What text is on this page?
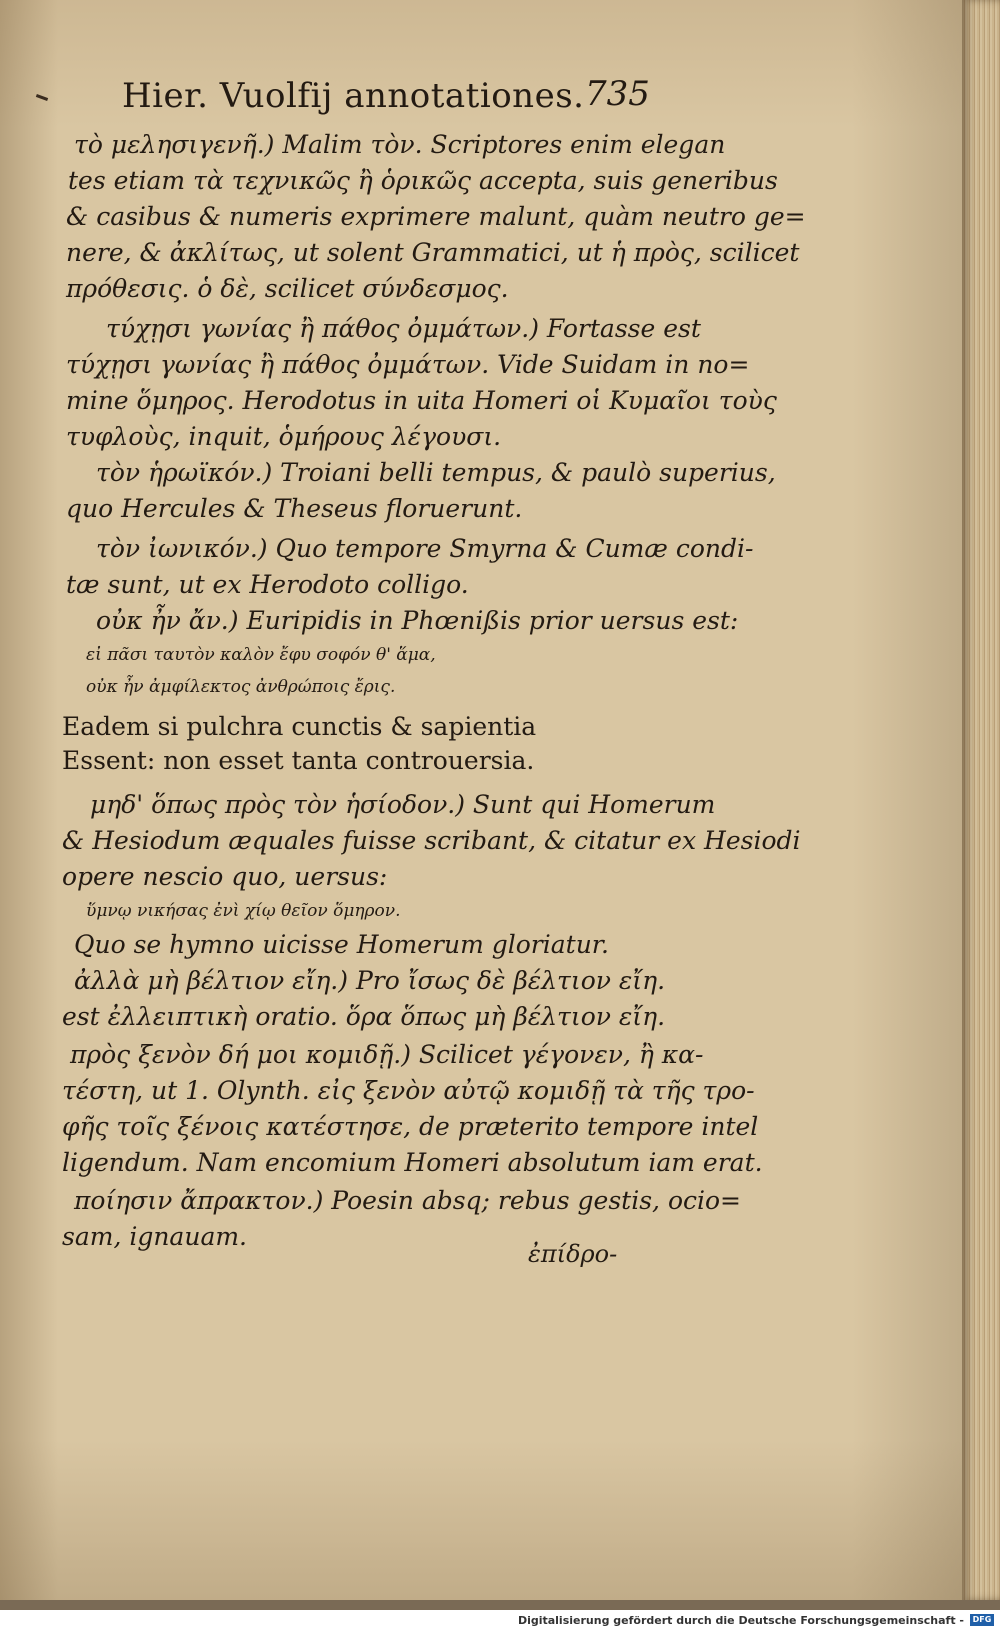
Hier. Vuolfij annotationes. 735
τὸ μελησιγενῆ.) Malim τὸν. Scriptores enim elegan
tes etiam τὰ τεχνικῶς ἢ ὁρικῶς accepta, suis generibus
& casibus & numeris exprimere malunt, quàm neutro ge=
nere, & ἀκλίτως, ut solent Grammatici, ut ἡ πρὸς, scilicet
πρόθεσις. ὁ δὲ, scilicet σύνδεσμος.
τύχῃσι γωνίας ἢ πάθος ὀμμάτων.) Fortasse est
τύχῃσι γωνίας ἢ πάθος ὀμμάτων. Vide Suidam in no=
mine ὅμηρος. Herodotus in uita Homeri οἱ Κυμαῖοι τοὺς
τυφλοὺς, inquit, ὁμήρους λέγουσι.
τὸν ἡρωϊκόν.) Troiani belli tempus, & paulò superius,
quo Hercules & Theseus floruerunt.
τὸν ἰωνικόν.) Quo tempore Smyrna & Cumæ condi-
tæ sunt, ut ex Herodoto colligo.
οὐκ ἦν ἄν.) Euripidis in Phœnißis prior uersus est:
εἰ πᾶσι ταυτὸν καλὸν ἔφυ σοφόν θ' ἅμα,
οὐκ ἦν ἀμφίλεκτος ἀνθρώποις ἔρις.
Eadem si pulchra cunctis & sapientia
Essent: non esset tanta controuersia.
μηδ' ὅπως πρὸς τὸν ἡσίοδον.) Sunt qui Homerum
& Hesiodum æquales fuisse scribant, & citatur ex Hesiodi
opere nescio quo, uersus:
ὕμνῳ νικήσας ἐνὶ χίῳ θεῖον ὅμηρον.
Quo se hymno uicisse Homerum gloriatur.
ἀλλὰ μὴ βέλτιον εἴη.) Pro ἴσως δὲ βέλτιον εἴη.
est ἐλλειπτικὴ oratio. ὅρα ὅπως μὴ βέλτιον εἴη.
πρὸς ξενὸν δή μοι κομιδῇ.) Scilicet γέγονεν, ἢ κα-
τέστη, ut 1. Olynth. εἰς ξενὸν αὐτῷ κομιδῇ τὰ τῆς τρο-
φῆς τοῖς ξένοις κατέστησε, de præterito tempore intel
ligendum. Nam encomium Homeri absolutum iam erat.
ποίησιν ἄπρακτον.) Poesin absq; rebus gestis, ocio=
sam, ignauam.
ἐπίδρο-
Digitalisierung gefördert durch die Deutsche Forschungsgemeinschaft -	DFG
